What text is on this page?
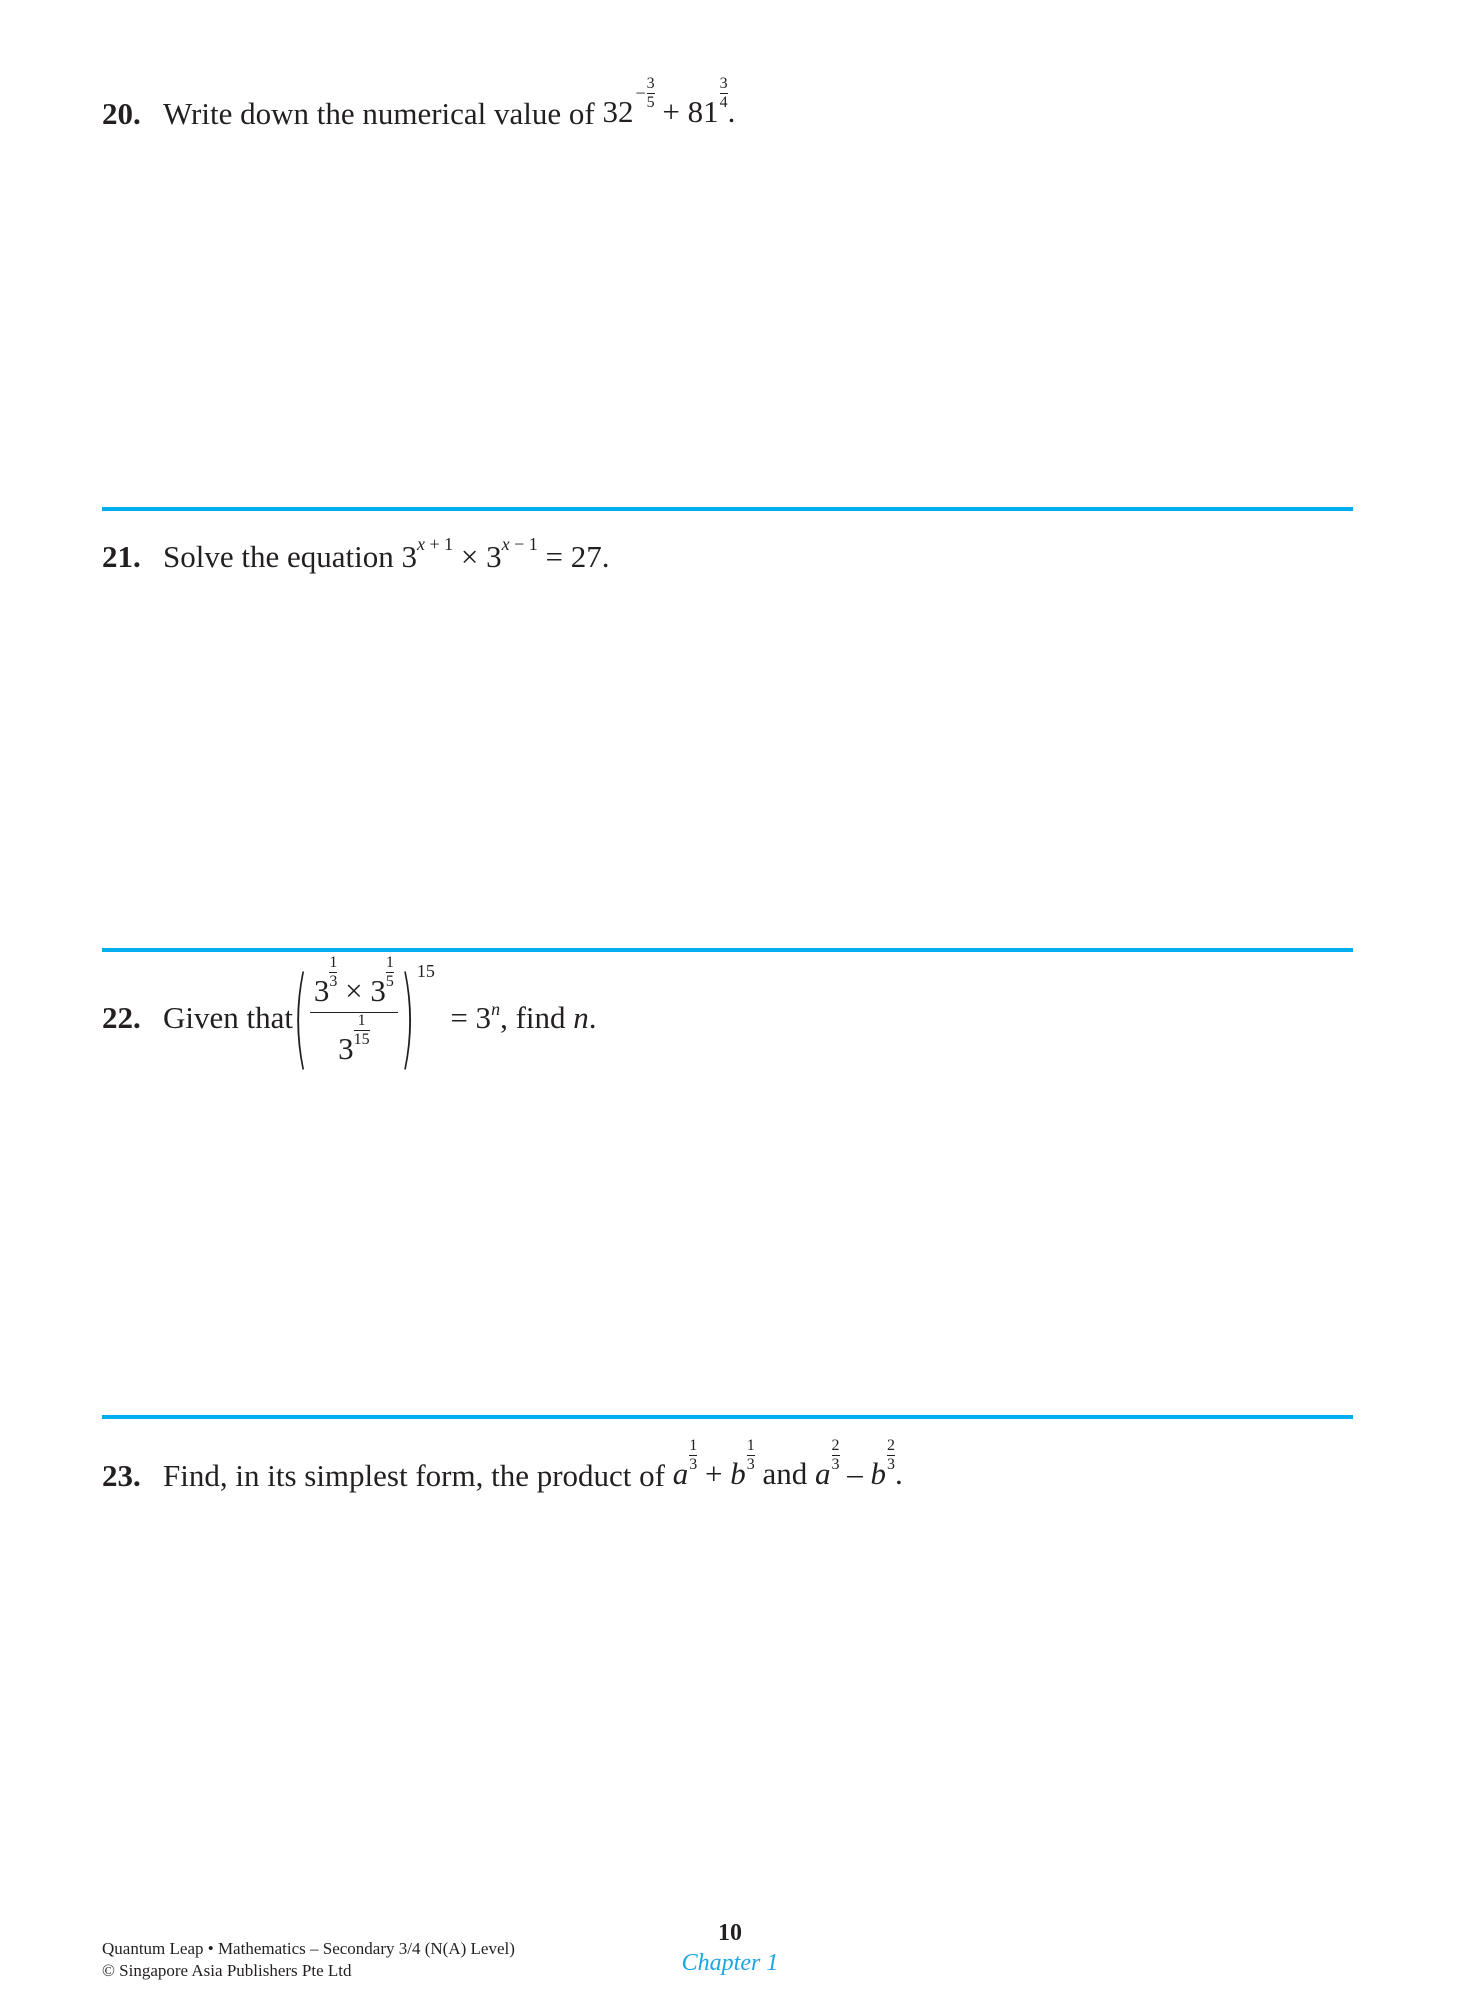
20. Write down the numerical value of
32
− 3
5
+
81
3
4 .
21. Solve the equation
3 x + 1
×
3 x − 1
= 27.
22. Given that ( 3
1
3
×
3
1
5
3
1
15 ) 15

= 3 n , find
n .
23. Find, in its simplest form, the product of
a
1
3
+
b
1
3
and
a
2
3
–
b
2
3 .
Quantum Leap • Mathematics – Secondary 3/4 (N(A) Level)
© Singapore Asia Publishers Pte Ltd
10
Chapter 1
